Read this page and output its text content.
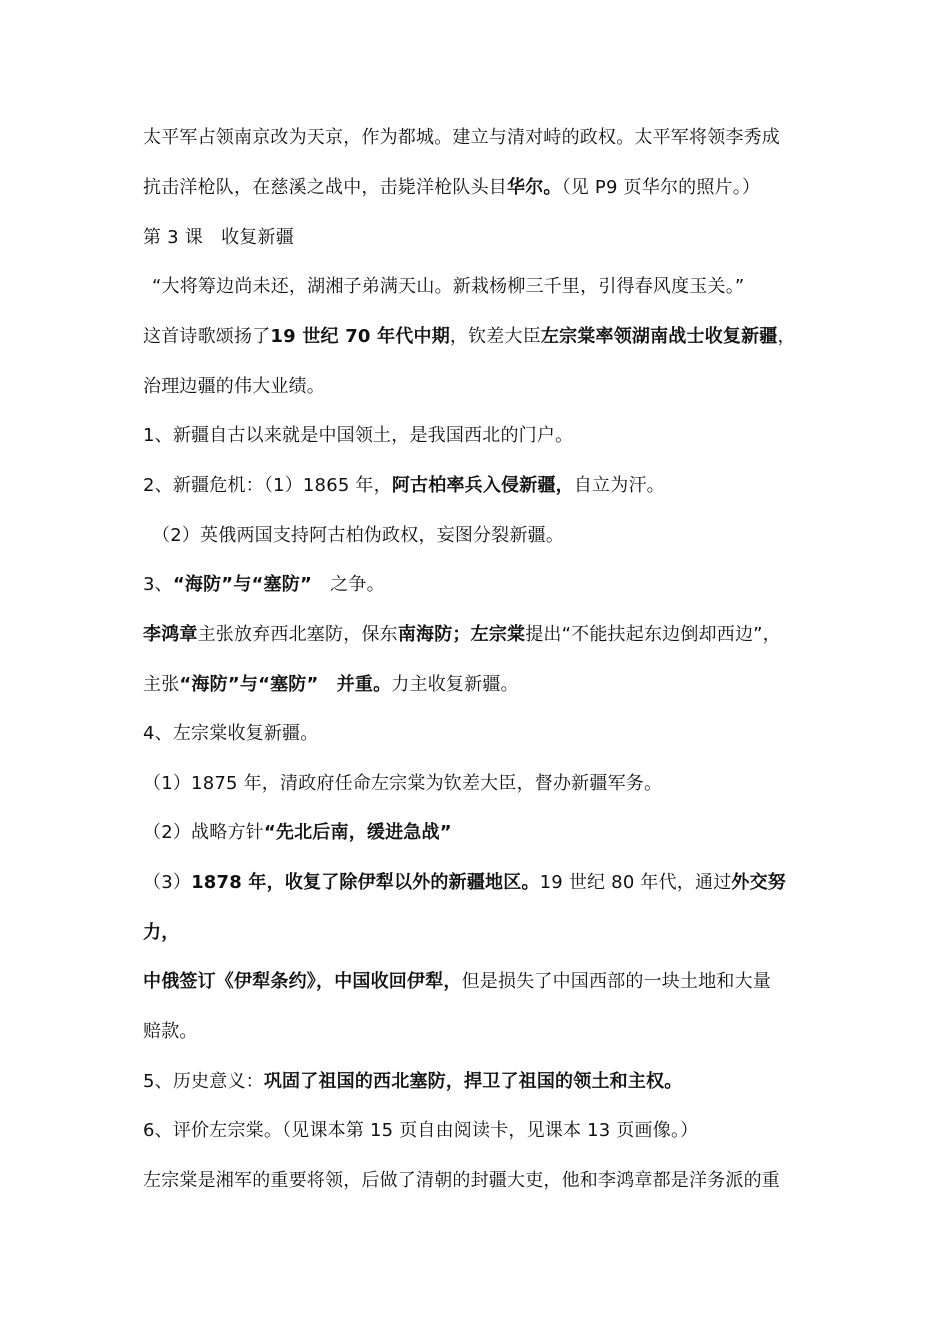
太平军占领南京改为天京，作为都城。建立与清对峙的政权。太平军将领李秀成
抗击洋枪队，在慈溪之战中，击毙洋枪队头目华尔。（见 P9 页华尔的照片。）
第 3 课　收复新疆
“大将筹边尚未还，湖湘子弟满天山。新栽杨柳三千里，引得春风度玉关。”
这首诗歌颂扬了19 世纪 70 年代中期，钦差大臣左宗棠率领湖南战士收复新疆，
治理边疆的伟大业绩。
1、新疆自古以来就是中国领土，是我国西北的门户。
2、新疆危机：（1）1865 年，阿古柏率兵入侵新疆，自立为汗。
（2）英俄两国支持阿古柏伪政权，妄图分裂新疆。
3、“海防”与“塞防”　之争。
李鸿章主张放弃西北塞防，保东南海防；左宗棠提出“不能扶起东边倒却西边”，
主张“海防”与“塞防”　并重。力主收复新疆。
4、左宗棠收复新疆。
（1）1875 年，清政府任命左宗棠为钦差大臣，督办新疆军务。
（2）战略方针“先北后南，缓进急战”
（3）1878 年，收复了除伊犁以外的新疆地区。19 世纪 80 年代，通过外交努
力，
中俄签订《伊犁条约》，中国收回伊犁，但是损失了中国西部的一块土地和大量
赔款。
5、历史意义：巩固了祖国的西北塞防，捍卫了祖国的领土和主权。
6、评价左宗棠。（见课本第 15 页自由阅读卡，见课本 13 页画像。）
左宗棠是湘军的重要将领，后做了清朝的封疆大吏，他和李鸿章都是洋务派的重
